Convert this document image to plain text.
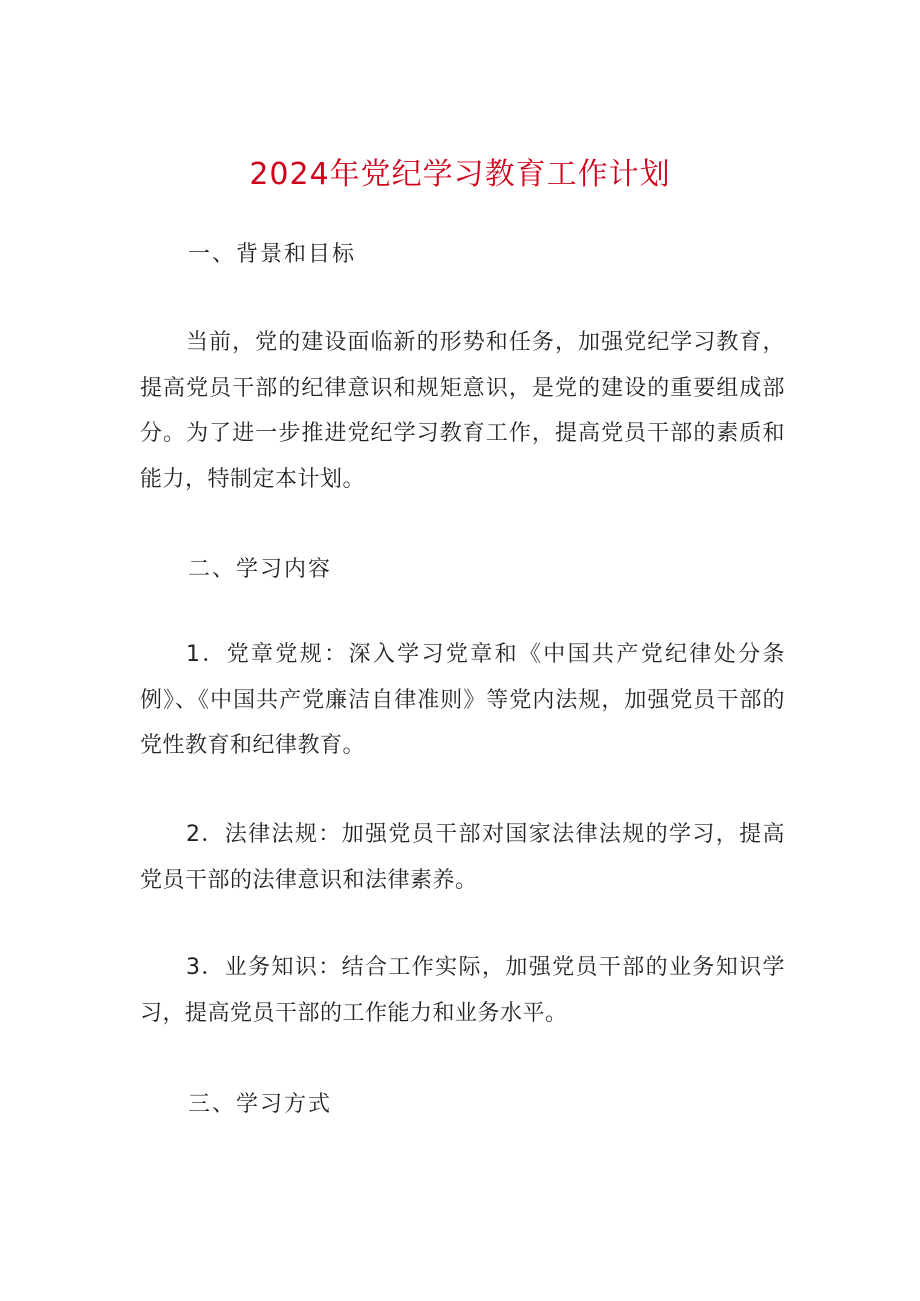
2024年党纪学习教育工作计划
一、背景和目标

当前，党的建设面临新的形势和任务，加强党纪学习教育，提高党员干部的纪律意识和规矩意识，是党的建设的重要组成部分。为了进一步推进党纪学习教育工作，提高党员干部的素质和能力，特制定本计划。

二、学习内容

1．党章党规：深入学习党章和《中国共产党纪律处分条例》、《中国共产党廉洁自律准则》等党内法规，加强党员干部的党性教育和纪律教育。

2．法律法规：加强党员干部对国家法律法规的学习，提高党员干部的法律意识和法律素养。

3．业务知识：结合工作实际，加强党员干部的业务知识学习，提高党员干部的工作能力和业务水平。

三、学习方式
